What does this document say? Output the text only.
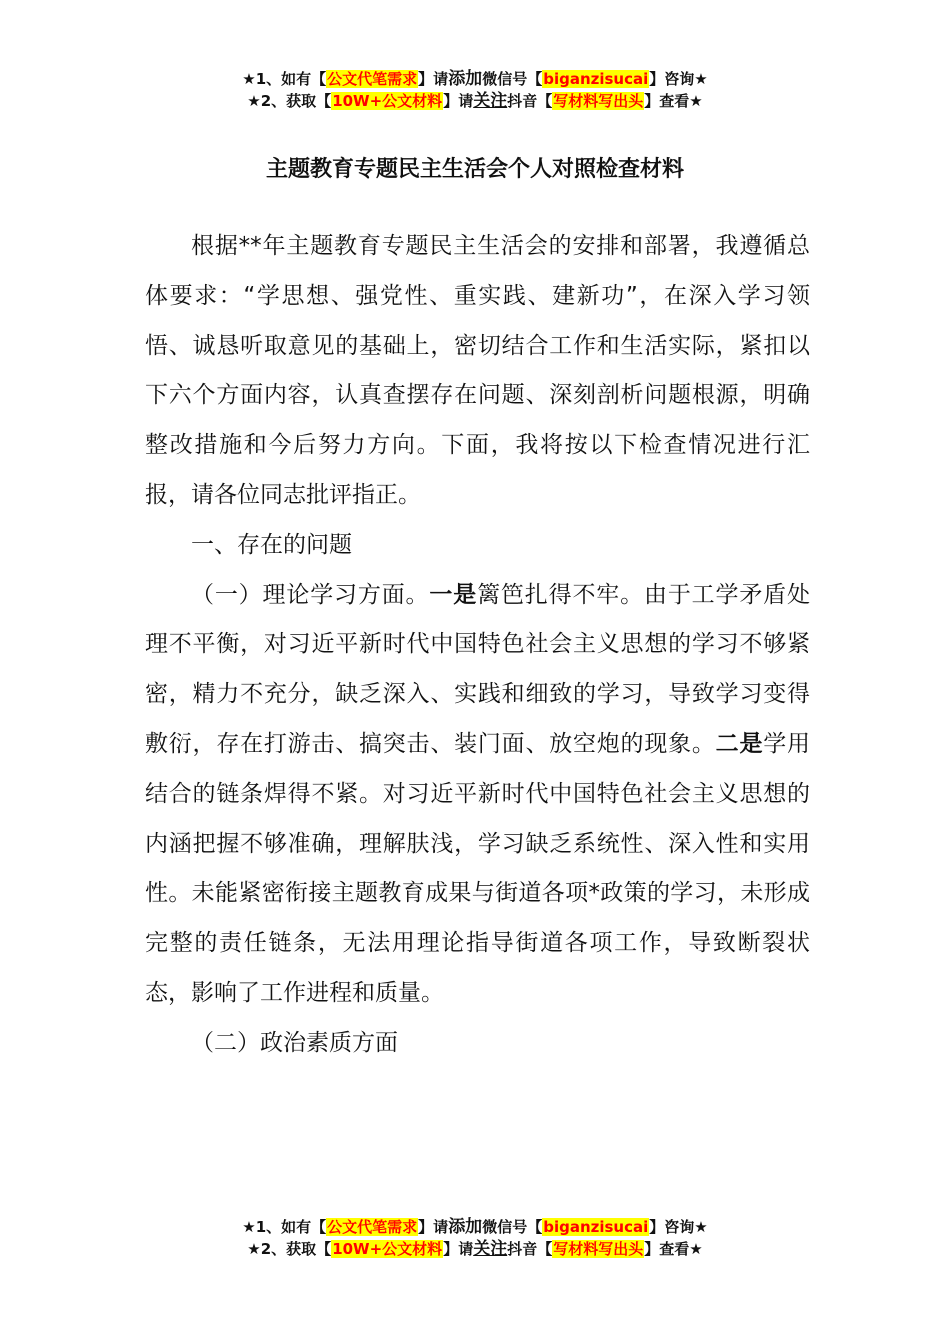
★1、如有【公文代笔需求】请添加微信号【biganzisucai】咨询★
★2、获取【10W+公文材料】请关注抖音【写材料写出头】查看★
主题教育专题民主生活会个人对照检查材料

根据**年主题教育专题民主生活会的安排和部署，我遵循总体要求：“学思想、强党性、重实践、建新功”，在深入学习领悟、诚恳听取意见的基础上，密切结合工作和生活实际，紧扣以下六个方面内容，认真查摆存在问题、深刻剖析问题根源，明确整改措施和今后努力方向。下面，我将按以下检查情况进行汇报，请各位同志批评指正。

一、存在的问题

（一）理论学习方面。一是篱笆扎得不牢。由于工学矛盾处理不平衡，对习近平新时代中国特色社会主义思想的学习不够紧密，精力不充分，缺乏深入、实践和细致的学习，导致学习变得敷衍，存在打游击、搞突击、装门面、放空炮的现象。二是学用结合的链条焊得不紧。对习近平新时代中国特色社会主义思想的内涵把握不够准确，理解肤浅，学习缺乏系统性、深入性和实用性。未能紧密衔接主题教育成果与街道各项*政策的学习，未形成完整的责任链条，无法用理论指导街道各项工作，导致断裂状态，影响了工作进程和质量。

（二）政治素质方面

★1、如有【公文代笔需求】请添加微信号【biganzisucai】咨询★
★2、获取【10W+公文材料】请关注抖音【写材料写出头】查看★
